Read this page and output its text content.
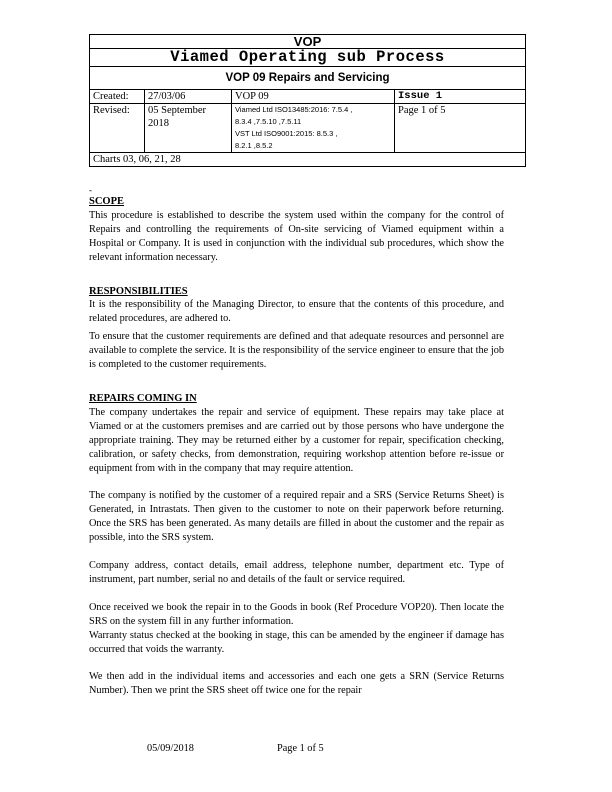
VOP			
Viamed Operating sub Process			
VOP 09 Repairs and Servicing			
Created:	27/03/06	VOP 09	Issue 1
Revised:	05 September 2018	Viamed Ltd ISO13485:2016: 7.5.4 ,
8.3.4 ,7.5.10 ,7.5.11
VST Ltd ISO9001:2015: 8.5.3 ,
8.2.1 ,8.5.2	Page 1 of 5
Charts 03, 06, 21, 28			
-
SCOPE

This procedure is established to describe the system used within the company for the control of Repairs and controlling the requirements of On-site servicing of Viamed equipment within a Hospital or Company. It is used in conjunction with the individual sub procedures, which show the relevant information necessary.

RESPONSIBILITIES

It is the responsibility of the Managing Director, to ensure that the contents of this procedure, and related procedures, are adhered to.

To ensure that the customer requirements are defined and that adequate resources and personnel are available to complete the service. It is the responsibility of the service engineer to ensure that the job is completed to the customer requirements.

REPAIRS COMING IN

The company undertakes the repair and service of equipment. These repairs may take place at Viamed or at the customers premises and are carried out by those persons who have undergone the appropriate training. They may be returned either by a customer for repair, specification checking, calibration, or safety checks, from demonstration, requiring workshop attention before re-issue or equipment from with in the company that may require attention.

The company is notified by the customer of a required repair and a SRS (Service Returns Sheet) is Generated, in Intrastats. Then given to the customer to note on their paperwork before returning. Once the SRS has been generated. As many details are filled in about the customer and the repair as possible, into the SRS system.

Company address, contact details, email address, telephone number, department etc. Type of instrument, part number, serial no and details of the fault or service required.

Once received we book the repair in to the Goods in book (Ref Procedure VOP20). Then locate the SRS on the system fill in any further information.

Warranty status checked at the booking in stage, this can be amended by the engineer if damage has occurred that voids the warranty.

We then add in the individual items and accessories and each one gets a SRN (Service Returns Number). Then we print the SRS sheet off twice one for the repair

05/09/2018	Page 1 of 5
